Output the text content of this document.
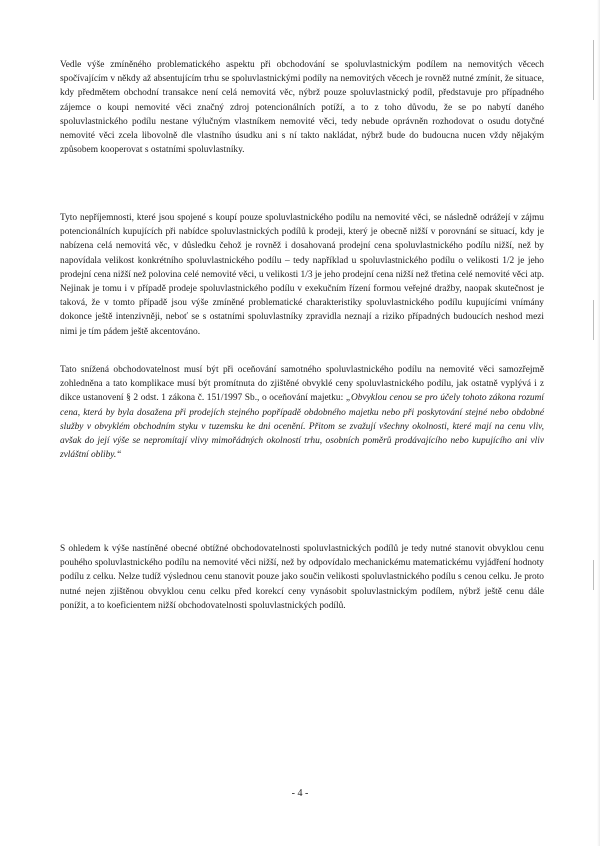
Vedle výše zmíněného problematického aspektu při obchodování se spoluvlastnickým podílem na nemovitých věcech spočívajícím v někdy až absentujícím trhu se spoluvlastnickými podíly na nemovitých věcech je rovněž nutné zmínit, že situace, kdy předmětem obchodní transakce není celá nemovitá věc, nýbrž pouze spoluvlastnický podíl, představuje pro případného zájemce o koupi nemovité věci značný zdroj potencionálních potíží, a to z toho důvodu, že se po nabytí daného spoluvlastnického podílu nestane výlučným vlastníkem nemovité věci, tedy nebude oprávněn rozhodovat o osudu dotyčné nemovité věci zcela libovolně dle vlastního úsudku ani s ní takto nakládat, nýbrž bude do budoucna nucen vždy nějakým způsobem kooperovat s ostatními spoluvlastníky.

Tyto nepříjemnosti, které jsou spojené s koupí pouze spoluvlastnického podílu na nemovité věci, se následně odrážejí v zájmu potencionálních kupujících při nabídce spoluvlastnických podílů k prodeji, který je obecně nižší v porovnání se situací, kdy je nabízena celá nemovitá věc, v důsledku čehož je rovněž i dosahovaná prodejní cena spoluvlastnického podílu nižší, než by napovídala velikost konkrétního spoluvlastnického podílu – tedy například u spoluvlastnického podílu o velikosti 1/2 je jeho prodejní cena nižší než polovina celé nemovité věci, u velikosti 1/3 je jeho prodejní cena nižší než třetina celé nemovité věci atp. Nejinak je tomu i v případě prodeje spoluvlastnického podílu v exekučním řízení formou veřejné dražby, naopak skutečnost je taková, že v tomto případě jsou výše zmíněné problematické charakteristiky spoluvlastnického podílu kupujícími vnímány dokonce ještě intenzivněji, neboť se s ostatními spoluvlastníky zpravidla neznají a riziko případných budoucích neshod mezi nimi je tím pádem ještě akcentováno.

Tato snížená obchodovatelnost musí být při oceňování samotného spoluvlastnického podílu na nemovité věci samozřejmě zohledněna a tato komplikace musí být promítnuta do zjištěné obvyklé ceny spoluvlastnického podílu, jak ostatně vyplývá i z dikce ustanovení § 2 odst. 1 zákona č. 151/1997 Sb., o oceňování majetku: „Obvyklou cenou se pro účely tohoto zákona rozumí cena, která by byla dosažena při prodejích stejného popřípadě obdobného majetku nebo při poskytování stejné nebo obdobné služby v obvyklém obchodním styku v tuzemsku ke dni ocenění. Přitom se zvažují všechny okolnosti, které mají na cenu vliv, avšak do její výše se nepromítají vlivy mimořádných okolností trhu, osobních poměrů prodávajícího nebo kupujícího ani vliv zvláštní obliby.“

S ohledem k výše nastíněné obecné obtížné obchodovatelnosti spoluvlastnických podílů je tedy nutné stanovit obvyklou cenu pouhého spoluvlastnického podílu na nemovité věci nižší, než by odpovídalo mechanickému matematickému vyjádření hodnoty podílu z celku. Nelze tudíž výslednou cenu stanovit pouze jako součin velikosti spoluvlastnického podílu s cenou celku. Je proto nutné nejen zjištěnou obvyklou cenu celku před korekcí ceny vynásobit spoluvlastnickým podílem, nýbrž ještě cenu dále ponížit, a to koeficientem nižší obchodovatelnosti spoluvlastnických podílů.

- 4 -
